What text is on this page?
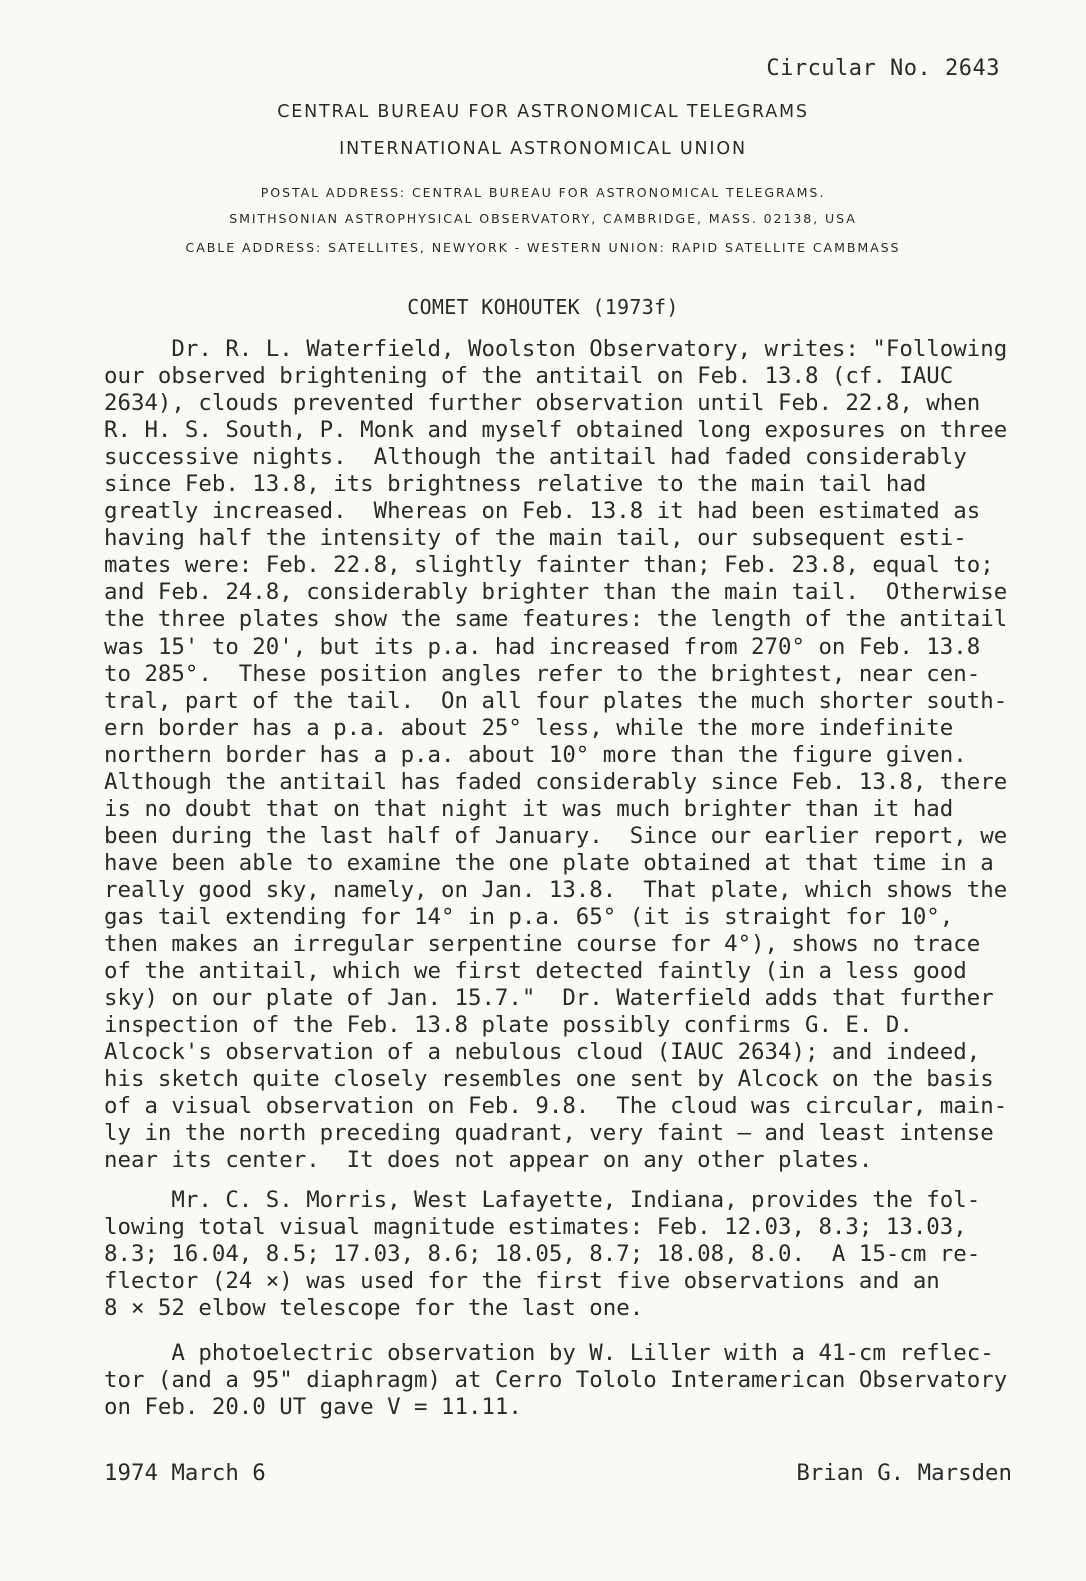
Circular No. 2643
CENTRAL BUREAU FOR ASTRONOMICAL TELEGRAMS
INTERNATIONAL ASTRONOMICAL UNION
POSTAL ADDRESS: CENTRAL BUREAU FOR ASTRONOMICAL TELEGRAMS.
SMITHSONIAN ASTROPHYSICAL OBSERVATORY, CAMBRIDGE, MASS. 02138, USA
CABLE ADDRESS: SATELLITES, NEWYORK - WESTERN UNION: RAPID SATELLITE CAMBMASS
COMET KOHOUTEK (1973f)
Dr. R. L. Waterfield, Woolston Observatory, writes: "Following
our observed brightening of the antitail on Feb. 13.8 (cf. IAUC
2634), clouds prevented further observation until Feb. 22.8, when
R. H. S. South, P. Monk and myself obtained long exposures on three
successive nights.  Although the antitail had faded considerably
since Feb. 13.8, its brightness relative to the main tail had
greatly increased.  Whereas on Feb. 13.8 it had been estimated as
having half the intensity of the main tail, our subsequent esti-
mates were: Feb. 22.8, slightly fainter than; Feb. 23.8, equal to;
and Feb. 24.8, considerably brighter than the main tail.  Otherwise
the three plates show the same features: the length of the antitail
was 15' to 20', but its p.a. had increased from 270° on Feb. 13.8
to 285°.  These position angles refer to the brightest, near cen-
tral, part of the tail.  On all four plates the much shorter south-
ern border has a p.a. about 25° less, while the more indefinite
northern border has a p.a. about 10° more than the figure given.
Although the antitail has faded considerably since Feb. 13.8, there
is no doubt that on that night it was much brighter than it had
been during the last half of January.  Since our earlier report, we
have been able to examine the one plate obtained at that time in a
really good sky, namely, on Jan. 13.8.  That plate, which shows the
gas tail extending for 14° in p.a. 65° (it is straight for 10°,
then makes an irregular serpentine course for 4°), shows no trace
of the antitail, which we first detected faintly (in a less good
sky) on our plate of Jan. 15.7."  Dr. Waterfield adds that further
inspection of the Feb. 13.8 plate possibly confirms G. E. D.
Alcock's observation of a nebulous cloud (IAUC 2634); and indeed,
his sketch quite closely resembles one sent by Alcock on the basis
of a visual observation on Feb. 9.8.  The cloud was circular, main-
ly in the north preceding quadrant, very faint — and least intense
near its center.  It does not appear on any other plates.
Mr. C. S. Morris, West Lafayette, Indiana, provides the fol-
lowing total visual magnitude estimates: Feb. 12.03, 8.3; 13.03,
8.3; 16.04, 8.5; 17.03, 8.6; 18.05, 8.7; 18.08, 8.0.  A 15-cm re-
flector (24 ×) was used for the first five observations and an
8 × 52 elbow telescope for the last one.
A photoelectric observation by W. Liller with a 41-cm reflec-
tor (and a 95" diaphragm) at Cerro Tololo Interamerican Observatory
on Feb. 20.0 UT gave V = 11.11.
1974 March 6	Brian G. Marsden
